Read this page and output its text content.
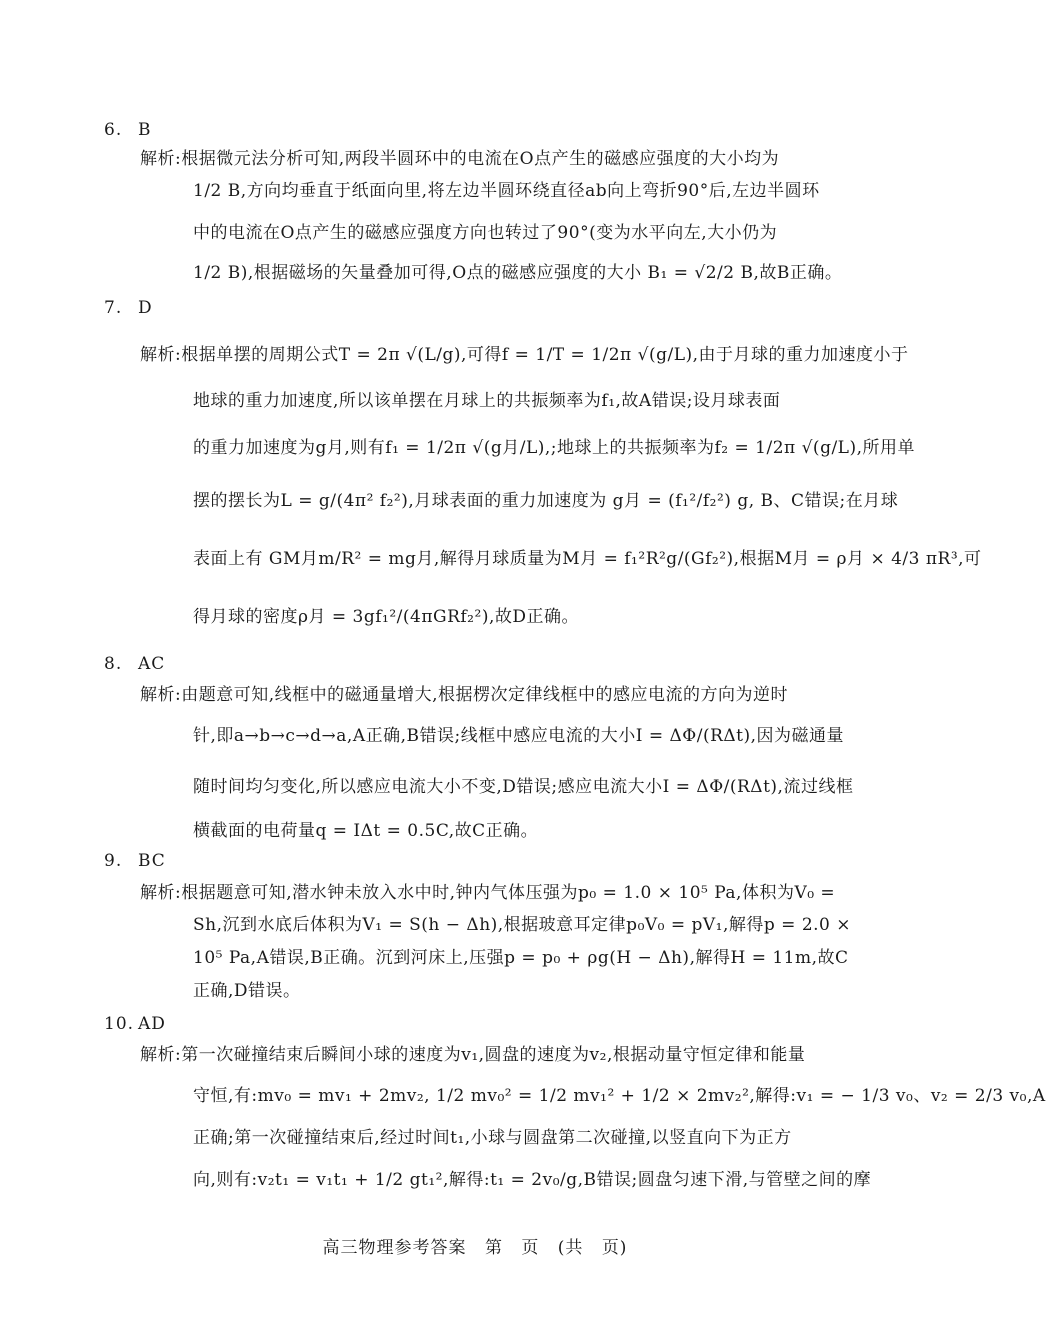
6. B
解析:根据微元法分析可知,两段半圆环中的电流在O点产生的磁感应强度的大小均为
1/2 B,方向均垂直于纸面向里,将左边半圆环绕直径ab向上弯折90°后,左边半圆环
中的电流在O点产生的磁感应强度方向也转过了90°(变为水平向左,大小仍为
1/2 B),根据磁场的矢量叠加可得,O点的磁感应强度的大小 B₁ = √2/2 B,故B正确。
7. D
解析:根据单摆的周期公式T = 2π √(L/g),可得f = 1/T = 1/2π √(g/L),由于月球的重力加速度小于
地球的重力加速度,所以该单摆在月球上的共振频率为f₁,故A错误;设月球表面
的重力加速度为g月,则有f₁ = 1/2π √(g月/L),;地球上的共振频率为f₂ = 1/2π √(g/L),所用单
摆的摆长为L = g/(4π² f₂²),月球表面的重力加速度为 g月 = (f₁²/f₂²) g, B、C错误;在月球
表面上有 GM月m/R² = mg月,解得月球质量为M月 = f₁²R²g/(Gf₂²),根据M月 = ρ月 × 4/3 πR³,可
得月球的密度ρ月 = 3gf₁²/(4πGRf₂²),故D正确。
8. AC
解析:由题意可知,线框中的磁通量增大,根据楞次定律线框中的感应电流的方向为逆时
针,即a→b→c→d→a,A正确,B错误;线框中感应电流的大小I = ΔΦ/(RΔt),因为磁通量
随时间均匀变化,所以感应电流大小不变,D错误;感应电流大小I = ΔΦ/(RΔt),流过线框
横截面的电荷量q = IΔt = 0.5C,故C正确。
9. BC
解析:根据题意可知,潜水钟未放入水中时,钟内气体压强为p₀ = 1.0 × 10⁵ Pa,体积为V₀ =
Sh,沉到水底后体积为V₁ = S(h − Δh),根据玻意耳定律p₀V₀ = pV₁,解得p = 2.0 ×
10⁵ Pa,A错误,B正确。沉到河床上,压强p = p₀ + ρg(H − Δh),解得H = 11m,故C
正确,D错误。
10. AD
解析:第一次碰撞结束后瞬间小球的速度为v₁,圆盘的速度为v₂,根据动量守恒定律和能量
守恒,有:mv₀ = mv₁ + 2mv₂, 1/2 mv₀² = 1/2 mv₁² + 1/2 × 2mv₂²,解得:v₁ = − 1/3 v₀、v₂ = 2/3 v₀,A
正确;第一次碰撞结束后,经过时间t₁,小球与圆盘第二次碰撞,以竖直向下为正方
向,则有:v₂t₁ = v₁t₁ + 1/2 gt₁²,解得:t₁ = 2v₀/g,B错误;圆盘匀速下滑,与管壁之间的摩
高三物理参考答案 第 页 (共 页)
